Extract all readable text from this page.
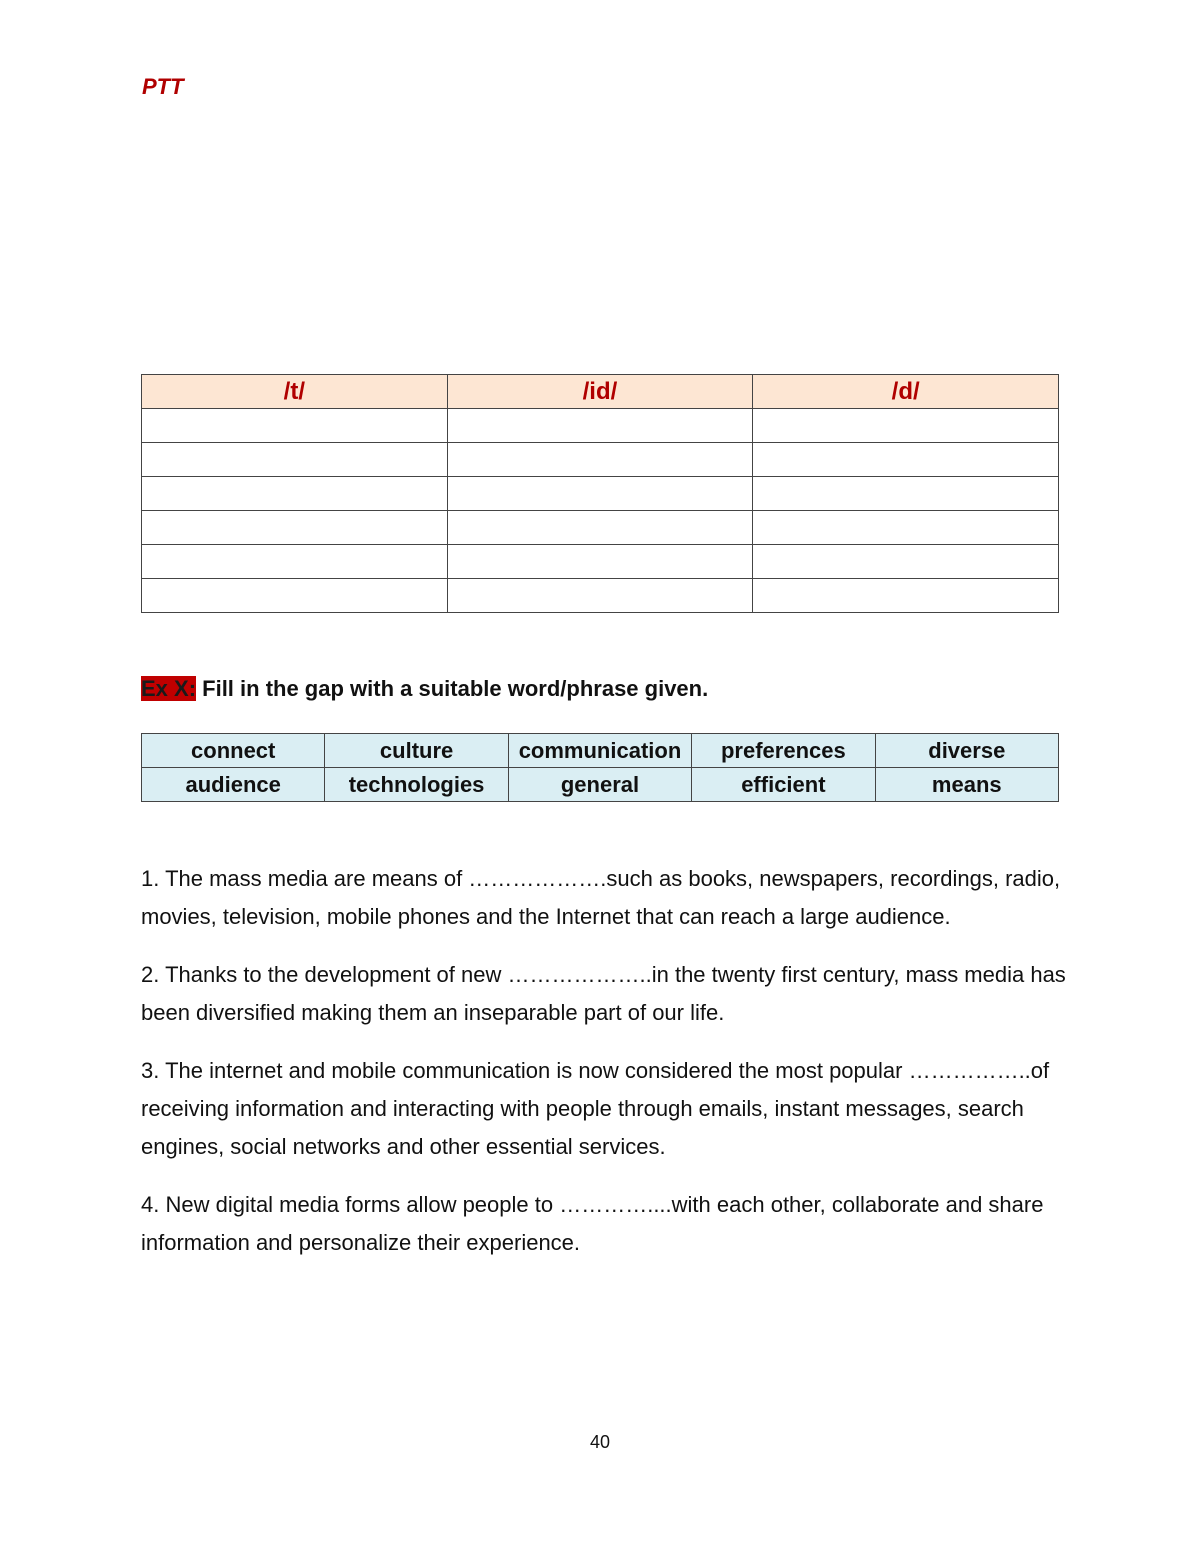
PTT
/t/	/id/	/d/

Ex X: Fill in the gap with a suitable word/phrase given.
connect	culture	communication	preferences	diverse
audience	technologies	general	efficient	means

1. The mass media are means of ……………….such as books, newspapers, recordings, radio, movies, television, mobile phones and the Internet that can reach a large audience.

2. Thanks to the development of new ………………..in the twenty first century, mass media has been diversified making them an inseparable part of our life.

3. The internet and mobile communication is now considered the most popular ……………..of receiving information and interacting with people through emails, instant messages, search engines, social networks and other essential services.

4. New digital media forms allow people to …………....with each other, collaborate and share information and personalize their experience.

40
